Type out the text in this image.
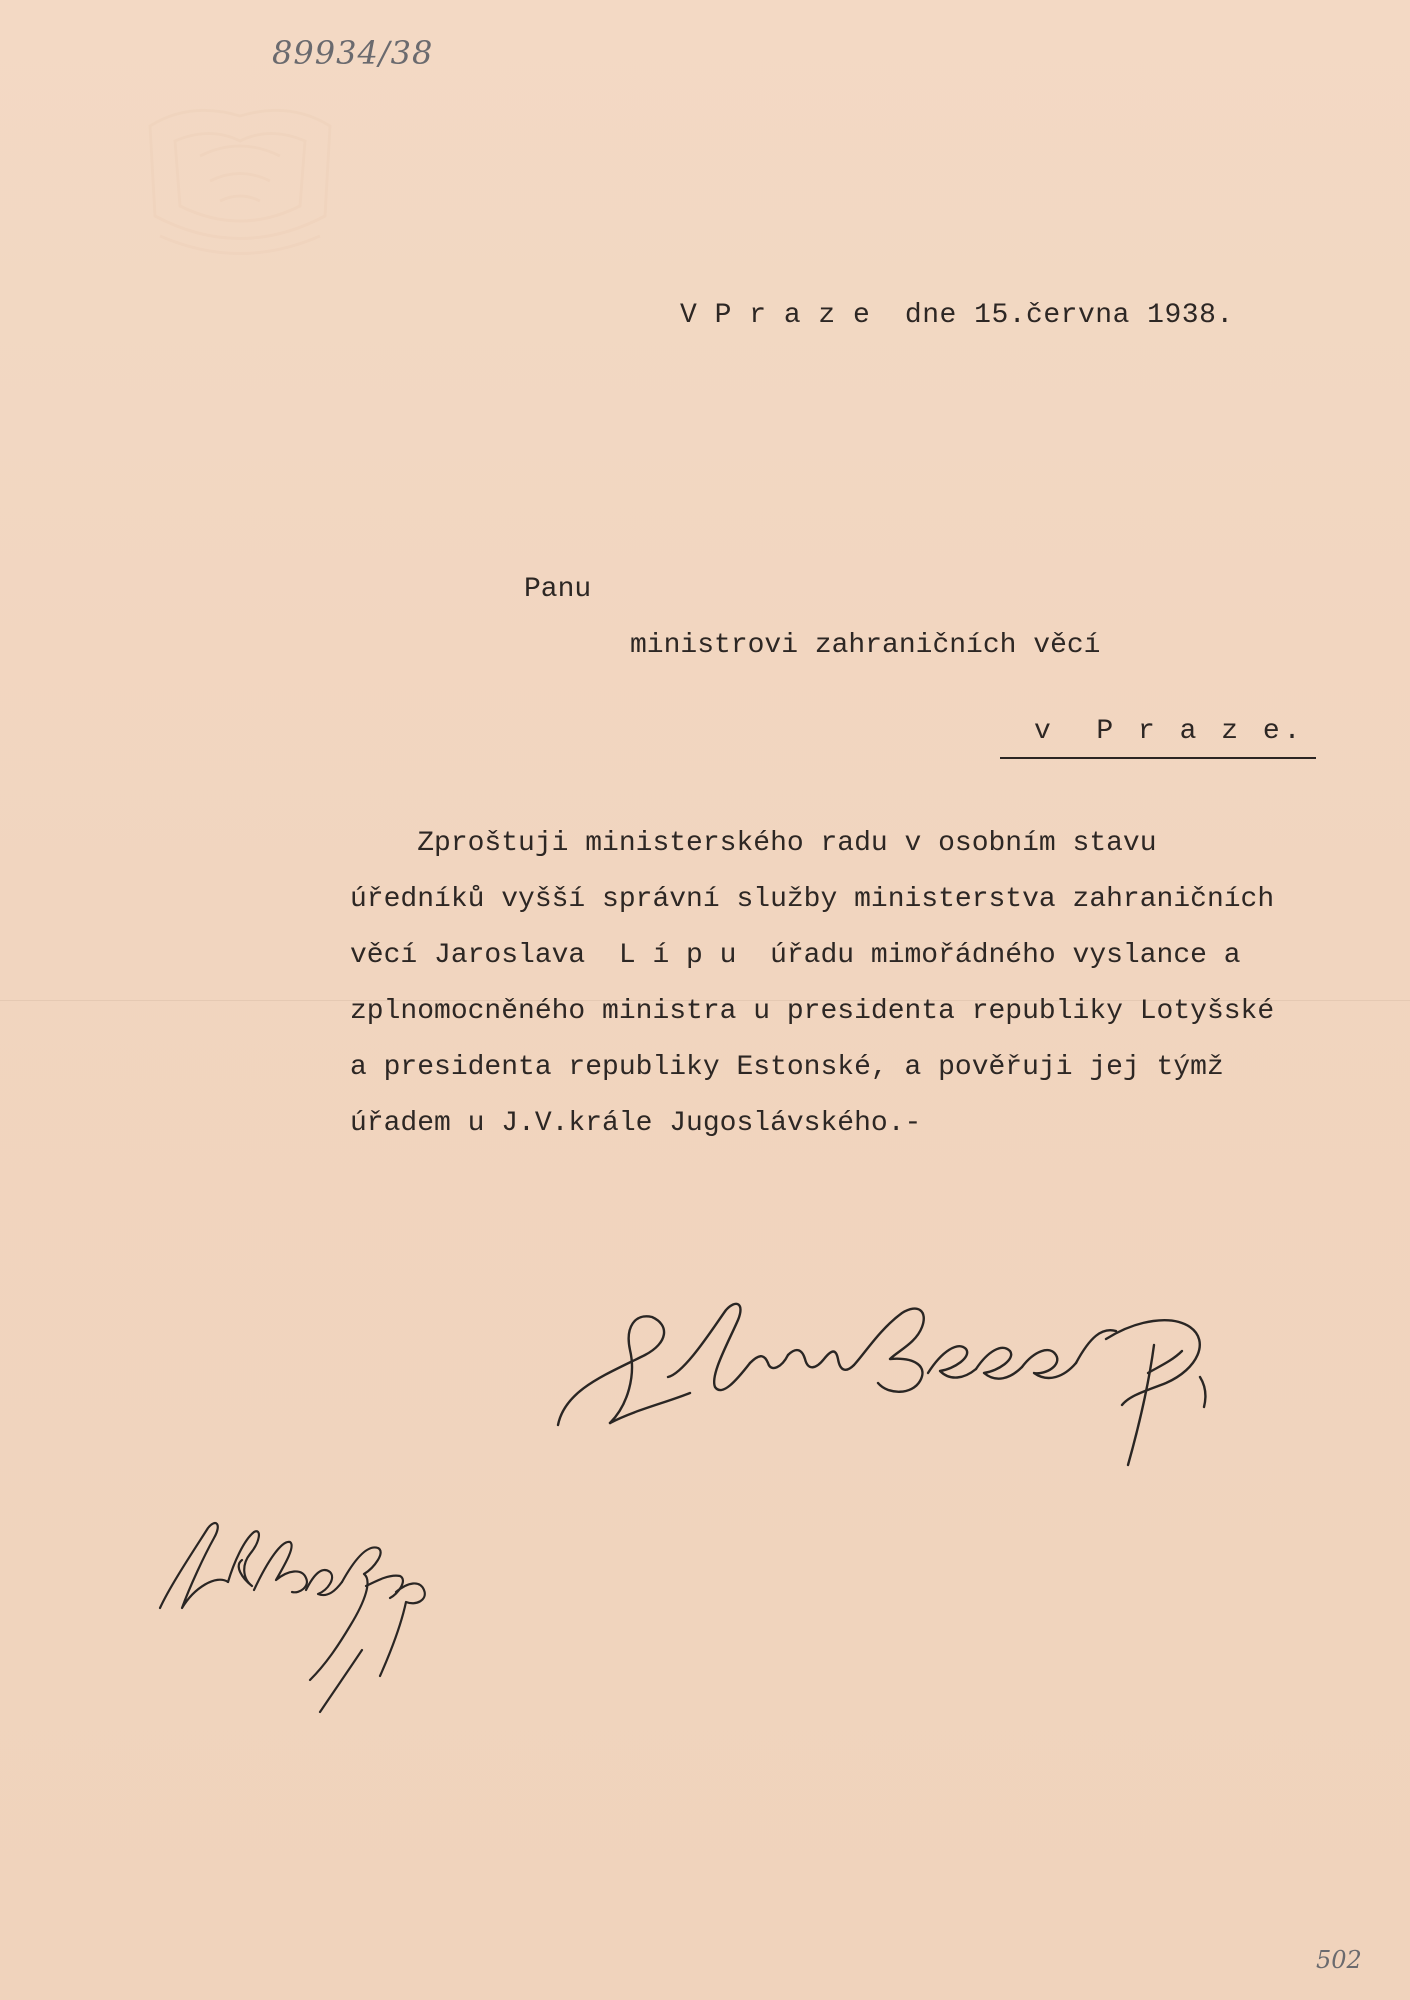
89934/38
V P r a z e  dne 15.června 1938.
Panu
ministrovi zahraničních věcí
v  P r a z e.
Zproštuji ministerského radu v osobním stavu
úředníků vyšší správní služby ministerstva zahraničních
věcí Jaroslava  L í p u  úřadu mimořádného vyslance a
zplnomocněného ministra u presidenta republiky Lotyšské
a presidenta republiky Estonské, a pověřuji jej týmž
úřadem u J.V.krále Jugoslávského.-
502
